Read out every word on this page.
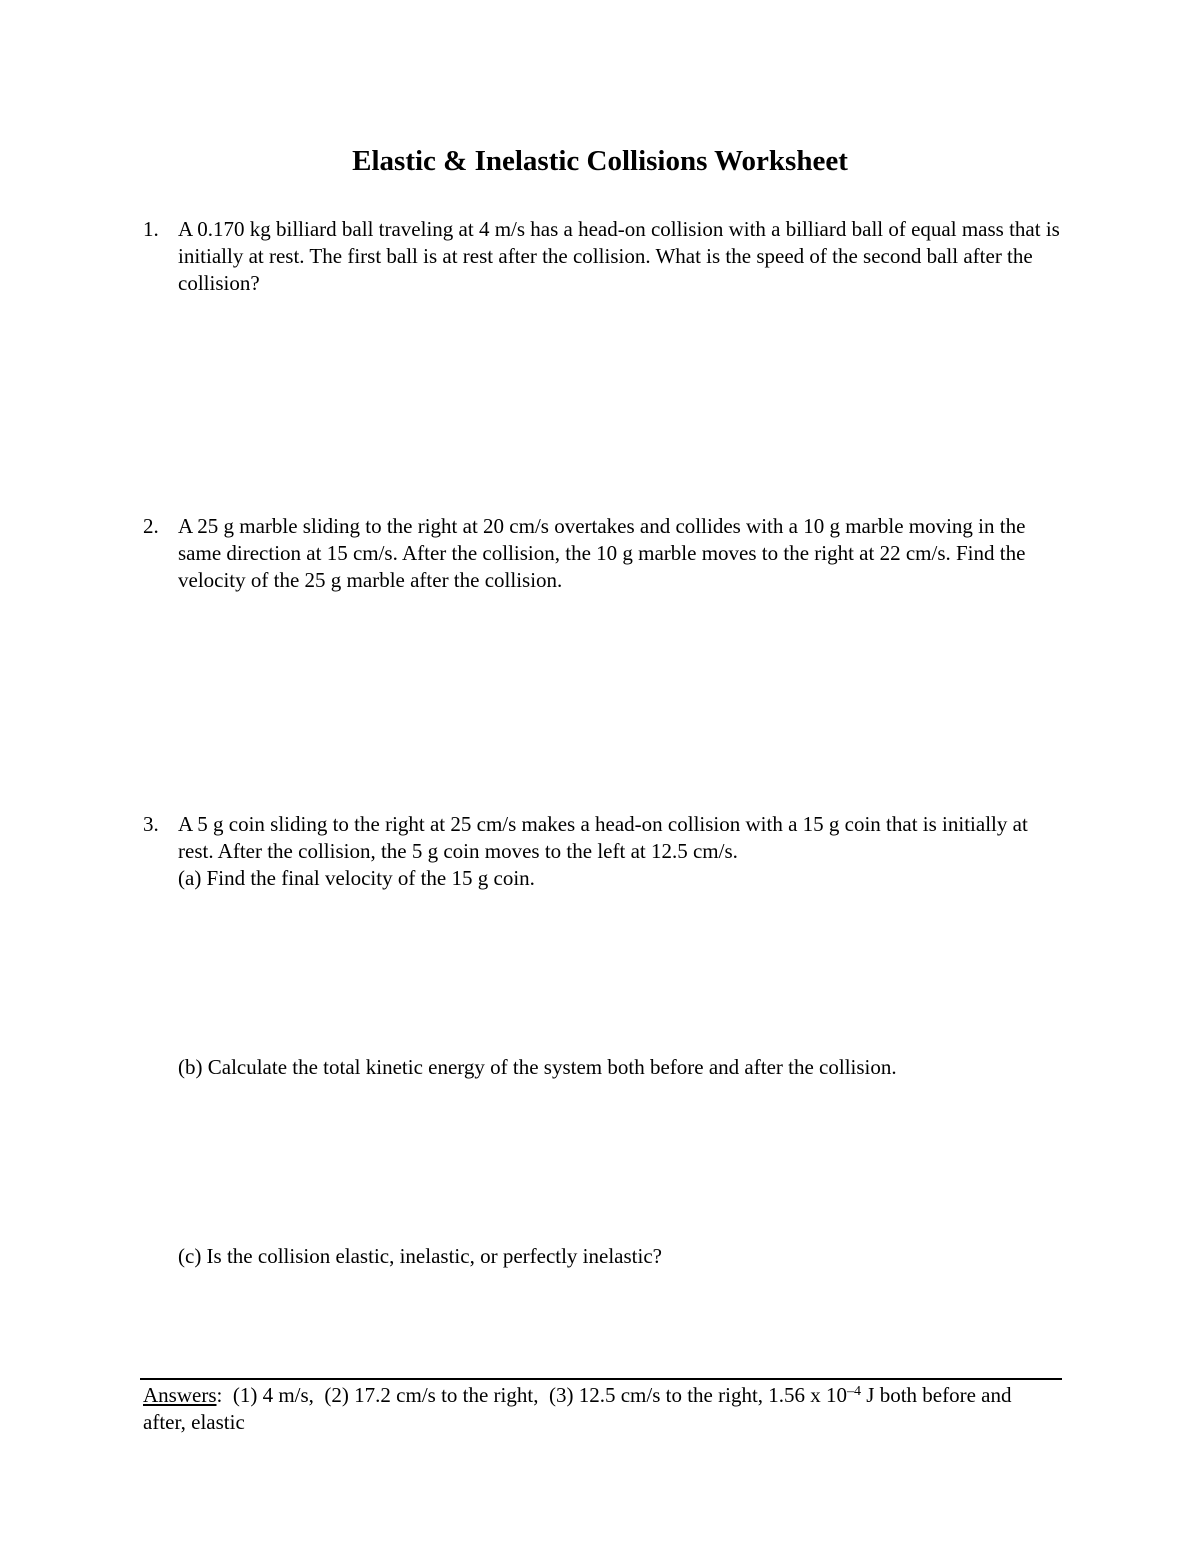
Elastic & Inelastic Collisions Worksheet
1. A 0.170 kg billiard ball traveling at 4 m/s has a head-on collision with a billiard ball of equal mass that is initially at rest. The first ball is at rest after the collision. What is the speed of the second ball after the collision?
2. A 25 g marble sliding to the right at 20 cm/s overtakes and collides with a 10 g marble moving in the same direction at 15 cm/s. After the collision, the 10 g marble moves to the right at 22 cm/s. Find the velocity of the 25 g marble after the collision.
3. A 5 g coin sliding to the right at 25 cm/s makes a head-on collision with a 15 g coin that is initially at rest. After the collision, the 5 g coin moves to the left at 12.5 cm/s.
(a) Find the final velocity of the 15 g coin.
(b) Calculate the total kinetic energy of the system both before and after the collision.
(c) Is the collision elastic, inelastic, or perfectly inelastic?
Answers:  (1) 4 m/s,  (2) 17.2 cm/s to the right,  (3) 12.5 cm/s to the right, 1.56 x $10^{-4}$ J both before and after, elastic
